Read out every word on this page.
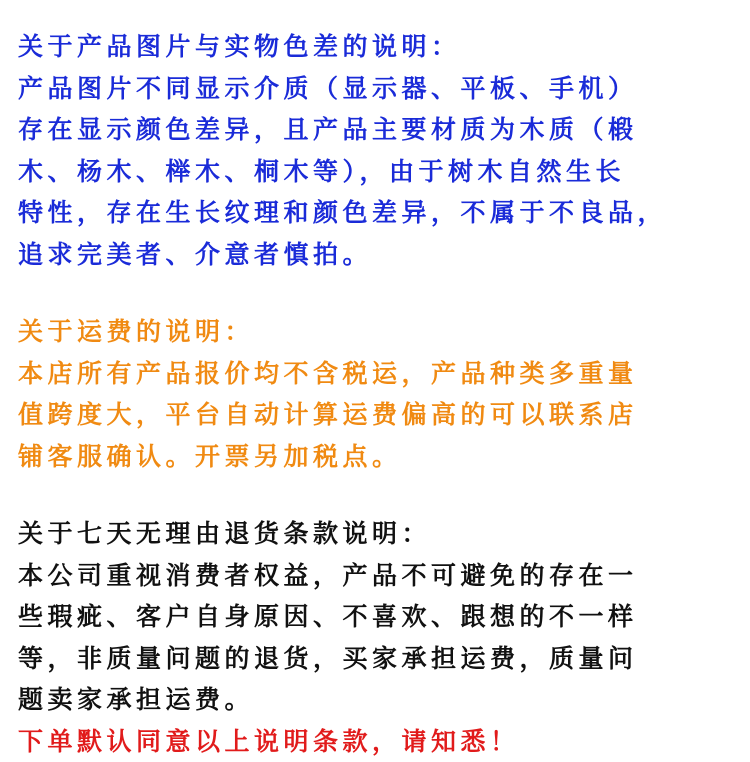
关于产品图片与实物色差的说明：
产品图片不同显示介质（显示器、平板、手机）
存在显示颜色差异，且产品主要材质为木质（椴
木、杨木、榉木、桐木等），由于树木自然生长
特性，存在生长纹理和颜色差异，不属于不良品，
追求完美者、介意者慎拍。
关于运费的说明：
本店所有产品报价均不含税运，产品种类多重量
值跨度大，平台自动计算运费偏高的可以联系店
铺客服确认。开票另加税点。
关于七天无理由退货条款说明：
本公司重视消费者权益，产品不可避免的存在一
些瑕疵、客户自身原因、不喜欢、跟想的不一样
等，非质量问题的退货，买家承担运费，质量问
题卖家承担运费。
下单默认同意以上说明条款，请知悉！
